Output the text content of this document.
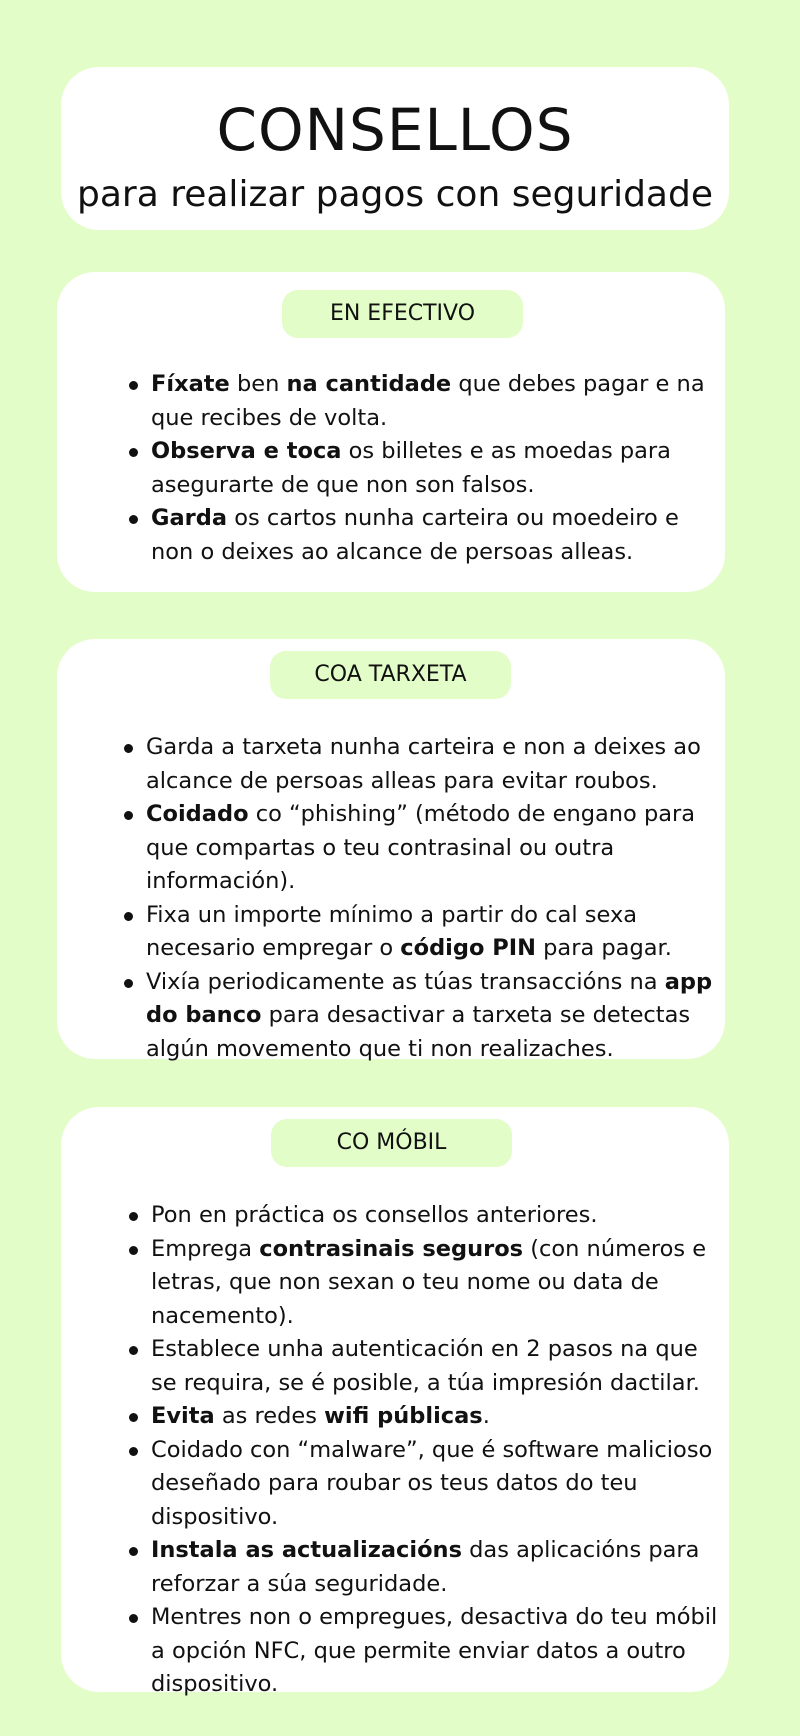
CONSELLOS
para realizar pagos con seguridade
EN EFECTIVO
Fíxate ben na cantidade que debes pagar e na que recibes de volta.
Observa e toca os billetes e as moedas para asegurarte de que non son falsos.
Garda os cartos nunha carteira ou moedeiro e non o deixes ao alcance de persoas alleas.
COA TARXETA
Garda a tarxeta nunha carteira e non a deixes ao alcance de persoas alleas para evitar roubos.
Coidado co “phishing” (método de engano para que compartas o teu contrasinal ou outra información).
Fixa un importe mínimo a partir do cal sexa necesario empregar o código PIN para pagar.
Vixía periodicamente as túas transaccións na app do banco para desactivar a tarxeta se detectas algún movemento que ti non realizaches.
CO MÓBIL
Pon en práctica os consellos anteriores.
Emprega contrasinais seguros (con números e letras, que non sexan o teu nome ou data de nacemento).
Establece unha autenticación en 2 pasos na que se requira, se é posible, a túa impresión dactilar.
Evita as redes wifi públicas.
Coidado con “malware”, que é software malicioso deseñado para roubar os teus datos do teu dispositivo.
Instala as actualizacións das aplicacións para reforzar a súa seguridade.
Mentres non o empregues, desactiva do teu móbil a opción NFC, que permite enviar datos a outro dispositivo.
